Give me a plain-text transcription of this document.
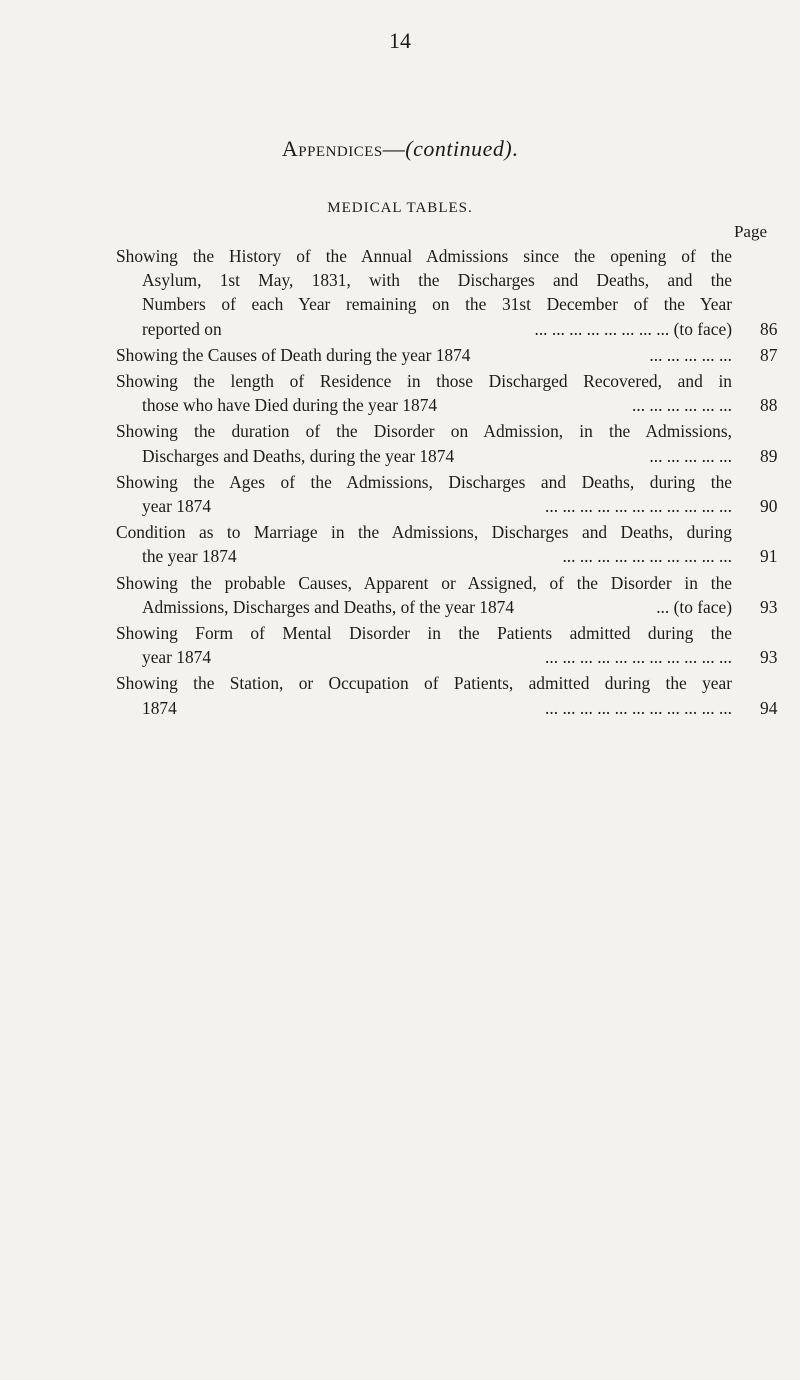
14
Appendices—(continued).
MEDICAL TABLES.
Page
Showing the History of the Annual Admissions since the opening of the
Asylum, 1st May, 1831, with the Discharges and Deaths, and the
Numbers of each Year remaining on the 31st December of the Year
reported on	... ... ... ... ... ... ... ... (to face) 86
Showing the Causes of Death during the year 1874	... ... ... ... ... 87
Showing the length of Residence in those Discharged Recovered, and in
those who have Died during the year 1874	... ... ... ... ... ... 88
Showing the duration of the Disorder on Admission, in the Admissions,
Discharges and Deaths, during the year 1874	... ... ... ... ... 89
Showing the Ages of the Admissions, Discharges and Deaths, during the
year 1874	... ... ... ... ... ... ... ... ... ... ... 90
Condition as to Marriage in the Admissions, Discharges and Deaths, during
the year 1874	... ... ... ... ... ... ... ... ... ... 91
Showing the probable Causes, Apparent or Assigned, of the Disorder in the
Admissions, Discharges and Deaths, of the year 1874	... (to face) 93
Showing Form of Mental Disorder in the Patients admitted during the
year 1874	... ... ... ... ... ... ... ... ... ... ... 93
Showing the Station, or Occupation of Patients, admitted during the year
1874	... ... ... ... ... ... ... ... ... ... ... 94
